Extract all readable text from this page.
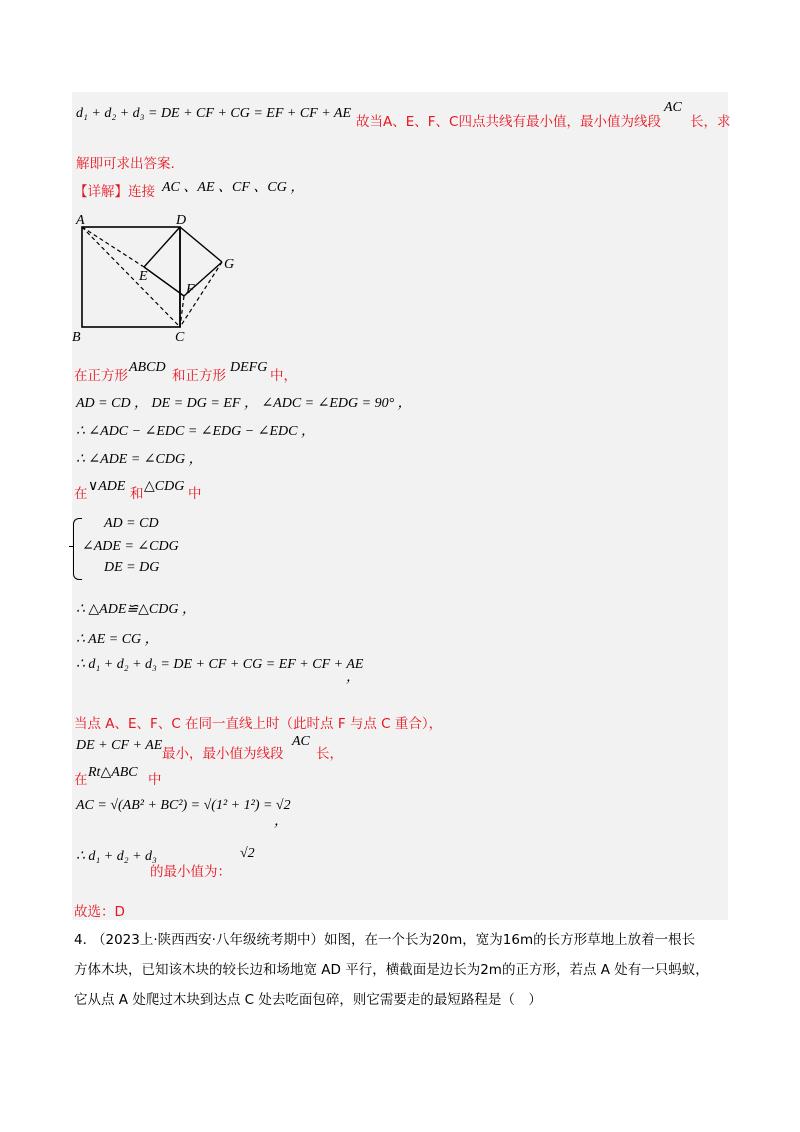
d₁ + d₂ + d₃ = DE + CF + CG = EF + CF + AE
故当A、E、F、C四点共线有最小值，最小值为线段
AC
长，求
解即可求出答案.
【详解】连接 AC 、AE 、CF 、CG ，
A	D
B	C
E
F
G
在正方形
ABCD
和正方形
DEFG
中，
AD = CD ， DE = DG = EF ， ∠ADC = ∠EDG = 90° ，
∴ ∠ADC − ∠EDC = ∠EDG − ∠EDC ，
∴ ∠ADE = ∠CDG ，
在 ∨ADE 和 △CDG 中
AD = CD
∠ADE = ∠CDG
DE = DG
∴ △ADE≌△CDG ，
∴ AE = CG ，
∴ d₁ + d₂ + d₃ = DE + CF + CG = EF + CF + AE
，
当点 A、E、F、C 在同一直线上时（此时点 F 与点 C 重合），
DE + CF + AE
最小，最小值为线段
AC
长，
在 Rt△ABC 中
AC = √(AB² + BC²) = √(1² + 1²) = √2
，
∴ d₁ + d₂ + d₃
的最小值为：
√2
故选：D
4．
（2023上·陕西西安·八年级统考期中）如图，在一个长为20m，宽为16m的长方形草地上放着一根长
方体木块，已知该木块的较长边和场地宽 AD 平行，横截面是边长为2m的正方形，若点 A 处有一只蚂蚁，
它从点 A 处爬过木块到达点 C 处去吃面包碎，则它需要走的最短路程是（　）
